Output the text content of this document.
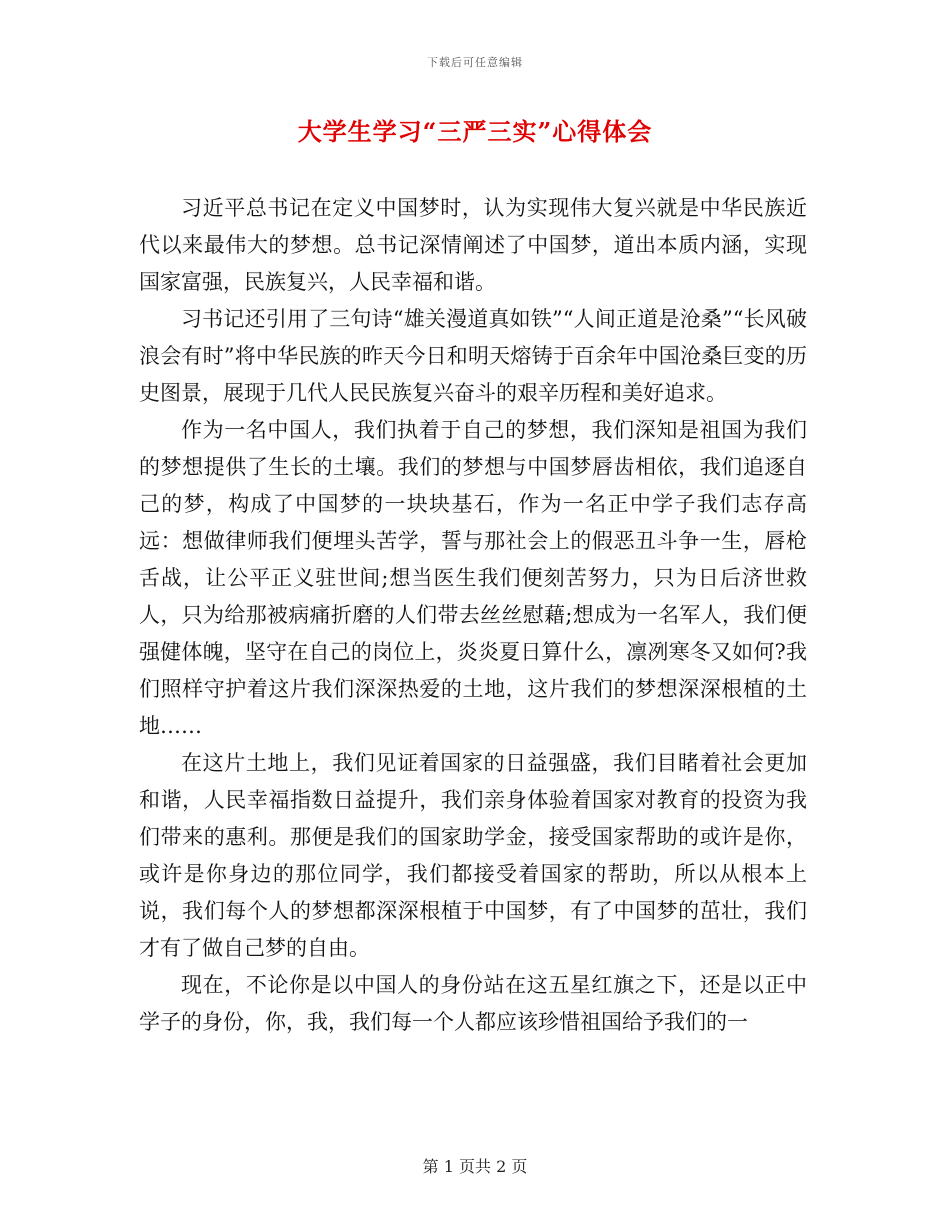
下载后可任意编辑
大学生学习“三严三实”心得体会

习近平总书记在定义中国梦时，认为实现伟大复兴就是中华民族近代以来最伟大的梦想。总书记深情阐述了中国梦，道出本质内涵，实现国家富强，民族复兴，人民幸福和谐。

习书记还引用了三句诗“雄关漫道真如铁”“人间正道是沧桑”“长风破浪会有时”将中华民族的昨天今日和明天熔铸于百余年中国沧桑巨变的历史图景，展现于几代人民民族复兴奋斗的艰辛历程和美好追求。

作为一名中国人，我们执着于自己的梦想，我们深知是祖国为我们的梦想提供了生长的土壤。我们的梦想与中国梦唇齿相依，我们追逐自己的梦，构成了中国梦的一块块基石，作为一名正中学子我们志存高远：想做律师我们便埋头苦学，誓与那社会上的假恶丑斗争一生，唇枪舌战，让公平正义驻世间;想当医生我们便刻苦努力，只为日后济世救人，只为给那被病痛折磨的人们带去丝丝慰藉;想成为一名军人，我们便强健体魄，坚守在自己的岗位上，炎炎夏日算什么，凛冽寒冬又如何?我们照样守护着这片我们深深热爱的土地，这片我们的梦想深深根植的土地……

在这片土地上，我们见证着国家的日益强盛，我们目睹着社会更加和谐，人民幸福指数日益提升，我们亲身体验着国家对教育的投资为我们带来的惠利。那便是我们的国家助学金，接受国家帮助的或许是你，或许是你身边的那位同学，我们都接受着国家的帮助，所以从根本上说，我们每个人的梦想都深深根植于中国梦，有了中国梦的茁壮，我们才有了做自己梦的自由。

现在，不论你是以中国人的身份站在这五星红旗之下，还是以正中学子的身份，你，我，我们每一个人都应该珍惜祖国给予我们的一

第 1 页共 2 页
